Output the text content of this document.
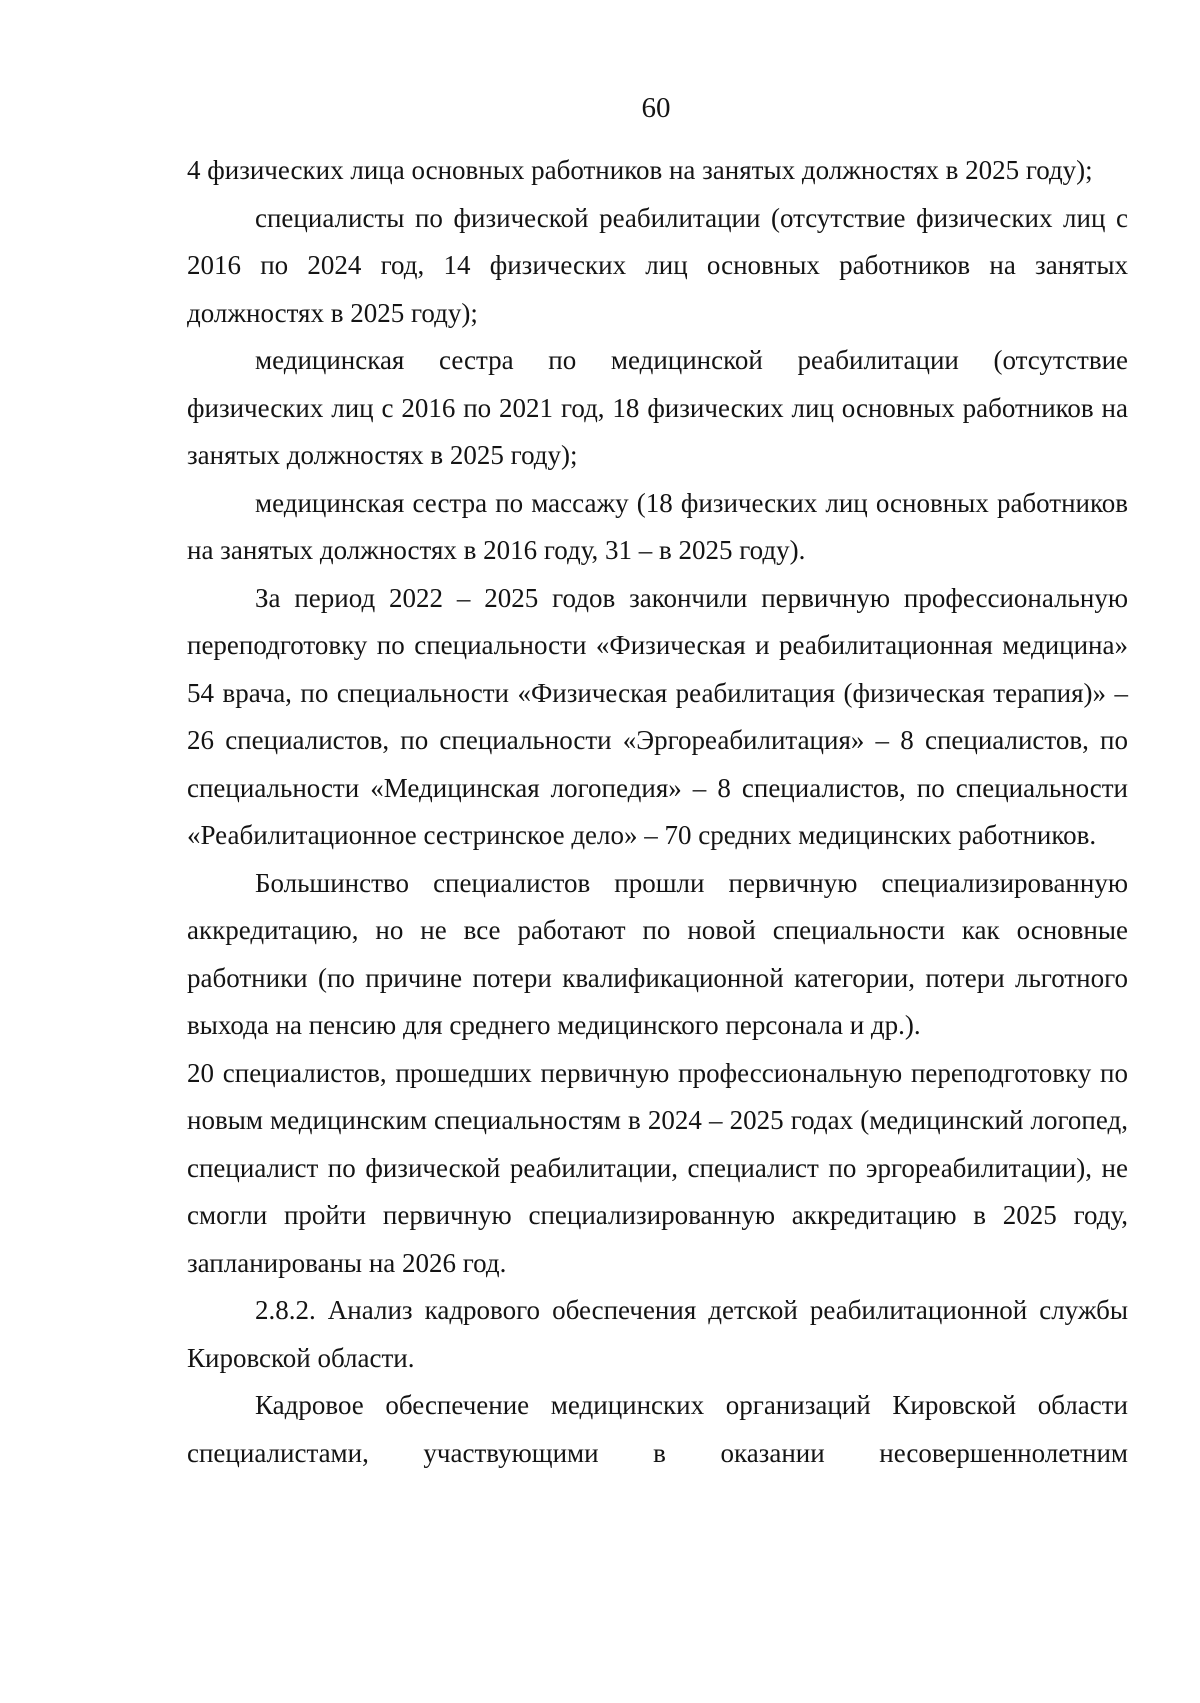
60

4 физических лица основных работников на занятых должностях в 2025 году);

специалисты по физической реабилитации (отсутствие физических лиц с 2016 по 2024 год, 14 физических лиц основных работников на занятых должностях в 2025 году);

медицинская сестра по медицинской реабилитации (отсутствие физических лиц с 2016 по 2021 год, 18 физических лиц основных работников на занятых должностях в 2025 году);

медицинская сестра по массажу (18 физических лиц основных работников на занятых должностях в 2016 году, 31 – в 2025 году).

За период 2022 – 2025 годов закончили первичную профессиональную переподготовку по специальности «Физическая и реабилитационная медицина» 54 врача, по специальности «Физическая реабилитация (физическая терапия)» – 26 специалистов, по специальности «Эргореабилитация» – 8 специалистов, по специальности «Медицинская логопедия» – 8 специалистов, по специальности «Реабилитационное сестринское дело» – 70 средних медицинских работников.

Большинство специалистов прошли первичную специализированную аккредитацию, но не все работают по новой специальности как основные работники (по причине потери квалификационной категории, потери льготного выхода на пенсию для среднего медицинского персонала и др.).

20 специалистов, прошедших первичную профессиональную переподготовку по новым медицинским специальностям в 2024 – 2025 годах (медицинский логопед, специалист по физической реабилитации, специалист по эргореабилитации), не смогли пройти первичную специализированную аккредитацию в 2025 году, запланированы на 2026 год.

2.8.2. Анализ кадрового обеспечения детской реабилитационной службы Кировской области.

Кадровое обеспечение медицинских организаций Кировской области специалистами, участвующими в оказании несовершеннолетним
